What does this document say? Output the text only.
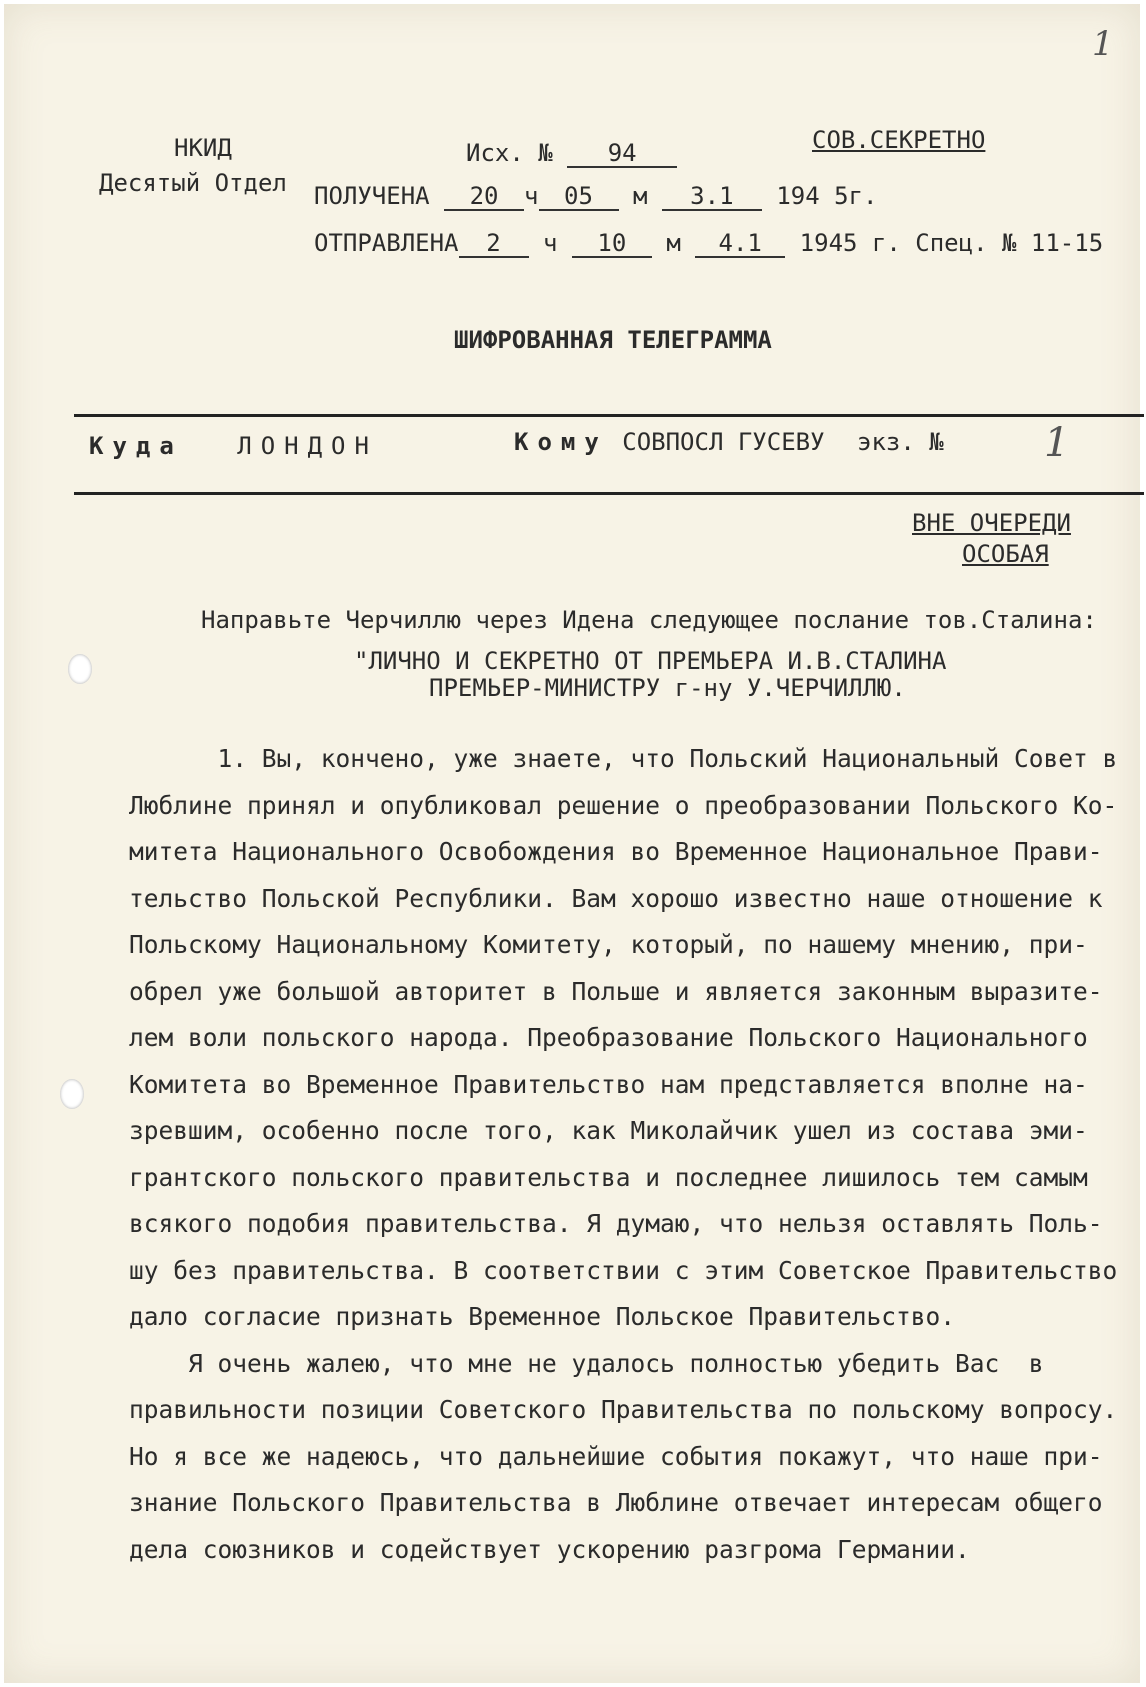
1
НКИД
Десятый Отдел
Исх. № 94	СОВ.СЕКРЕТНО
ПОЛУЧЕНА 20 ч 05 м 3.1 194 5г.
ОТПРАВЛЕНА 2 ч 10 м 4.1 1945 г. Спец. № 11-15
ШИФРОВАННАЯ ТЕЛЕГРАММА
Куда ЛОНДОН	Кому СОВПОСЛ ГУСЕВУ экз. №	1
ВНЕ ОЧЕРЕДИ
ОСОБАЯ
Направьте Черчиллю через Идена следующее послание тов.Сталина:
"ЛИЧНО И СЕКРЕТНО ОТ ПРЕМЬЕРА И.В.СТАЛИНА
ПРЕМЬЕР-МИНИСТРУ г-ну У.ЧЕРЧИЛЛЮ.
1. Вы, кончено, уже знаете, что Польский Национальный Совет в
Люблине принял и опубликовал решение о преобразовании Польского Ко-
митета Национального Освобождения во Временное Национальное Прави-
тельство Польской Республики. Вам хорошо известно наше отношение к
Польскому Национальному Комитету, который, по нашему мнению, при-
обрел уже большой авторитет в Польше и является законным выразите-
лем воли польского народа. Преобразование Польского Национального
Комитета во Временное Правительство нам представляется вполне на-
зревшим, особенно после того, как Миколайчик ушел из состава эми-
грантского польского правительства и последнее лишилось тем самым
всякого подобия правительства. Я думаю, что нельзя оставлять Поль-
шу без правительства. В соответствии с этим Советское Правительство
дало согласие признать Временное Польское Правительство.
Я очень жалею, что мне не удалось полностью убедить Вас  в
правильности позиции Советского Правительства по польскому вопросу.
Но я все же надеюсь, что дальнейшие события покажут, что наше при-
знание Польского Правительства в Люблине отвечает интересам общего
дела союзников и содействует ускорению разгрома Германии.
